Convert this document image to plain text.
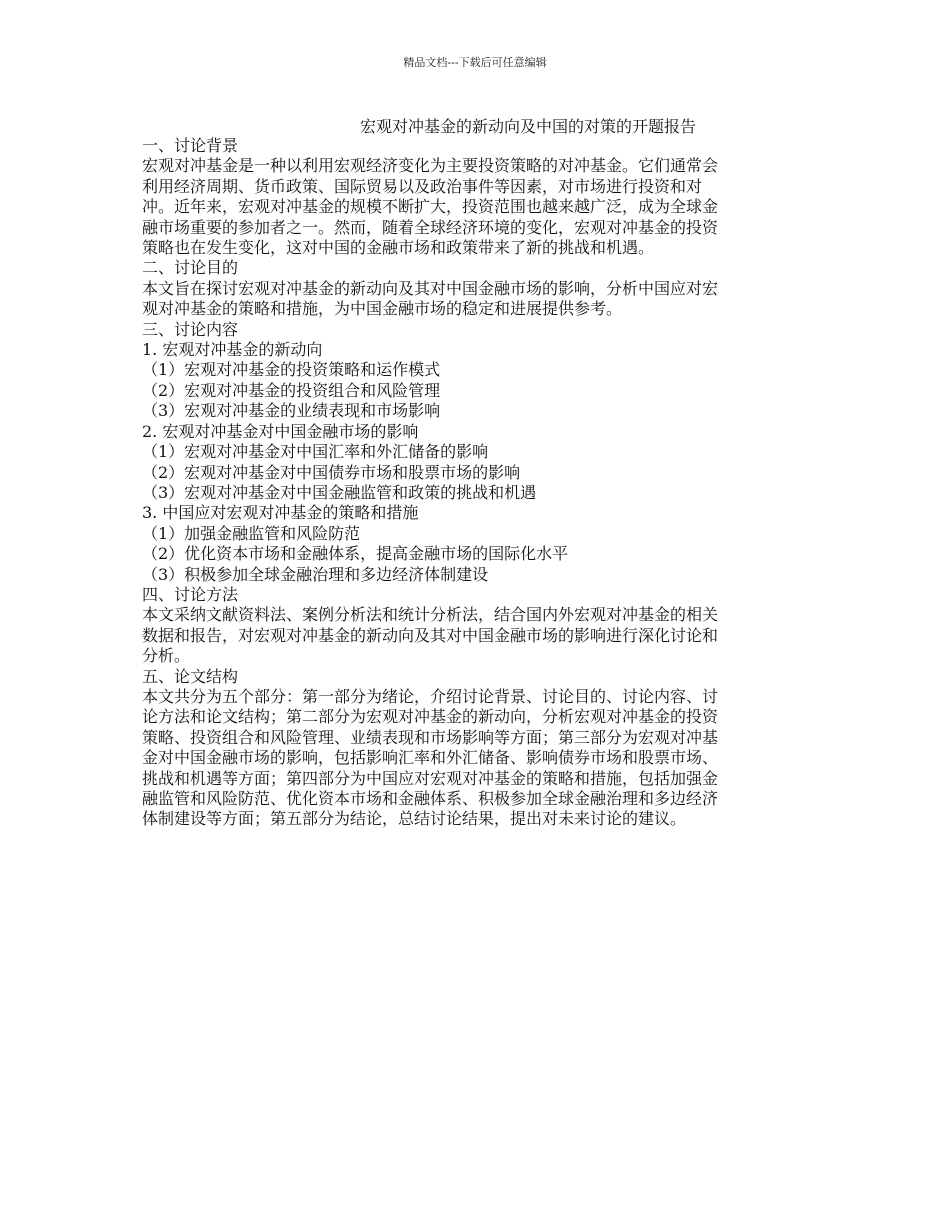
精品文档---下载后可任意编辑
宏观对冲基金的新动向及中国的对策的开题报告
一、讨论背景
宏观对冲基金是一种以利用宏观经济变化为主要投资策略的对冲基金。它们通常会
利用经济周期、货币政策、国际贸易以及政治事件等因素，对市场进行投资和对
冲。近年来，宏观对冲基金的规模不断扩大，投资范围也越来越广泛，成为全球金
融市场重要的参加者之一。然而，随着全球经济环境的变化，宏观对冲基金的投资
策略也在发生变化，这对中国的金融市场和政策带来了新的挑战和机遇。
二、讨论目的
本文旨在探讨宏观对冲基金的新动向及其对中国金融市场的影响，分析中国应对宏
观对冲基金的策略和措施，为中国金融市场的稳定和进展提供参考。
三、讨论内容
1. 宏观对冲基金的新动向
（1）宏观对冲基金的投资策略和运作模式
（2）宏观对冲基金的投资组合和风险管理
（3）宏观对冲基金的业绩表现和市场影响
2. 宏观对冲基金对中国金融市场的影响
（1）宏观对冲基金对中国汇率和外汇储备的影响
（2）宏观对冲基金对中国债券市场和股票市场的影响
（3）宏观对冲基金对中国金融监管和政策的挑战和机遇
3. 中国应对宏观对冲基金的策略和措施
（1）加强金融监管和风险防范
（2）优化资本市场和金融体系，提高金融市场的国际化水平
（3）积极参加全球金融治理和多边经济体制建设
四、讨论方法
本文采纳文献资料法、案例分析法和统计分析法，结合国内外宏观对冲基金的相关
数据和报告，对宏观对冲基金的新动向及其对中国金融市场的影响进行深化讨论和
分析。
五、论文结构
本文共分为五个部分：第一部分为绪论，介绍讨论背景、讨论目的、讨论内容、讨
论方法和论文结构；第二部分为宏观对冲基金的新动向，分析宏观对冲基金的投资
策略、投资组合和风险管理、业绩表现和市场影响等方面；第三部分为宏观对冲基
金对中国金融市场的影响，包括影响汇率和外汇储备、影响债券市场和股票市场、
挑战和机遇等方面；第四部分为中国应对宏观对冲基金的策略和措施，包括加强金
融监管和风险防范、优化资本市场和金融体系、积极参加全球金融治理和多边经济
体制建设等方面；第五部分为结论，总结讨论结果，提出对未来讨论的建议。
